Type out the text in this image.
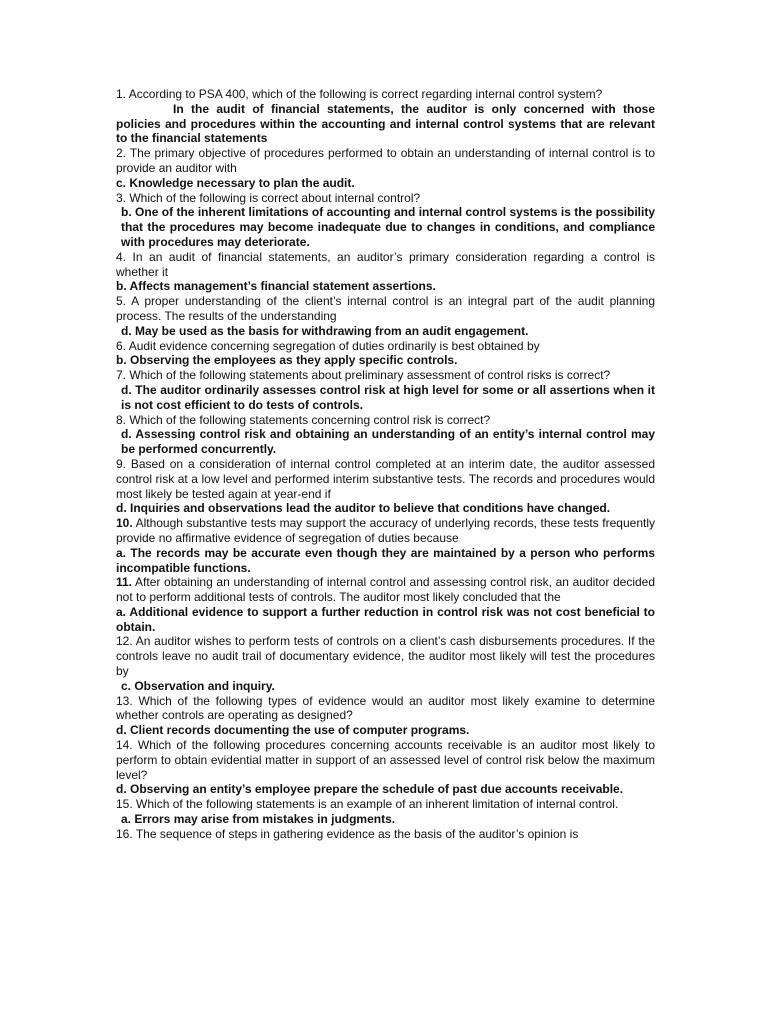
1. According to PSA 400, which of the following is correct regarding internal control system?

In the audit of financial statements, the auditor is only concerned with those policies and procedures within the accounting and internal control systems that are relevant to the financial statements

2. The primary objective of procedures performed to obtain an understanding of internal control is to provide an auditor with

c. Knowledge necessary to plan the audit.

3. Which of the following is correct about internal control?

b. One of the inherent limitations of accounting and internal control systems is the possibility that the procedures may become inadequate due to changes in conditions, and compliance with procedures may deteriorate.

4. In an audit of financial statements, an auditor’s primary consideration regarding a control is whether it

b. Affects management’s financial statement assertions.

5. A proper understanding of the client’s internal control is an integral part of the audit planning process. The results of the understanding

d. May be used as the basis for withdrawing from an audit engagement.

6. Audit evidence concerning segregation of duties ordinarily is best obtained by

b. Observing the employees as they apply specific controls.

7. Which of the following statements about preliminary assessment of control risks is correct?

d. The auditor ordinarily assesses control risk at high level for some or all assertions when it is not cost efficient to do tests of controls.

8. Which of the following statements concerning control risk is correct?

d. Assessing control risk and obtaining an understanding of an entity’s internal control may be performed concurrently.

9. Based on a consideration of internal control completed at an interim date, the auditor assessed control risk at a low level and performed interim substantive tests. The records and procedures would most likely be tested again at year-end if

d. Inquiries and observations lead the auditor to believe that conditions have changed.

10. Although substantive tests may support the accuracy of underlying records, these tests frequently provide no affirmative evidence of segregation of duties because

a. The records may be accurate even though they are maintained by a person who performs incompatible functions.

11. After obtaining an understanding of internal control and assessing control risk, an auditor decided not to perform additional tests of controls. The auditor most likely concluded that the

a. Additional evidence to support a further reduction in control risk was not cost beneficial to obtain.

12. An auditor wishes to perform tests of controls on a client’s cash disbursements procedures. If the controls leave no audit trail of documentary evidence, the auditor most likely will test the procedures by

c. Observation and inquiry.

13. Which of the following types of evidence would an auditor most likely examine to determine whether controls are operating as designed?

d. Client records documenting the use of computer programs.

14. Which of the following procedures concerning accounts receivable is an auditor most likely to perform to obtain evidential matter in support of an assessed level of control risk below the maximum level?

d. Observing an entity’s employee prepare the schedule of past due accounts receivable.

15. Which of the following statements is an example of an inherent limitation of internal control.

a. Errors may arise from mistakes in judgments.

16. The sequence of steps in gathering evidence as the basis of the auditor’s opinion is
